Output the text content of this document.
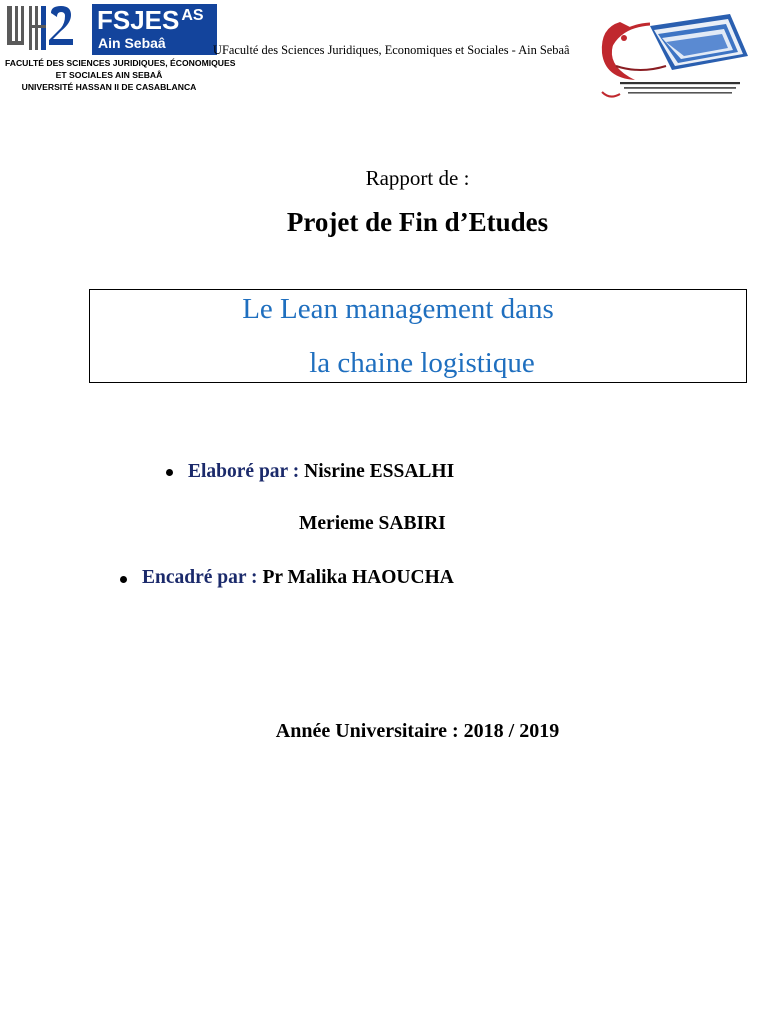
FSJES $^{AS}$
Ain Sebaâ
FACULTÉ DES SCIENCES JURIDIQUES, ÉCONOMIQUES
ET SOCIALES AIN SEBAÂ
UNIVERSITÉ HASSAN II DE CASABLANCA
UFaculté des Sciences Juridiques, Economiques et Sociales - Ain Sebaâ
Rapport de :
Projet de Fin d’Etudes
Le Lean management dans
la chaine logistique
Elaboré par : Nisrine ESSALHI
Merieme SABIRI
Encadré par : Pr Malika HAOUCHA
Année Universitaire : 2018 / 2019
